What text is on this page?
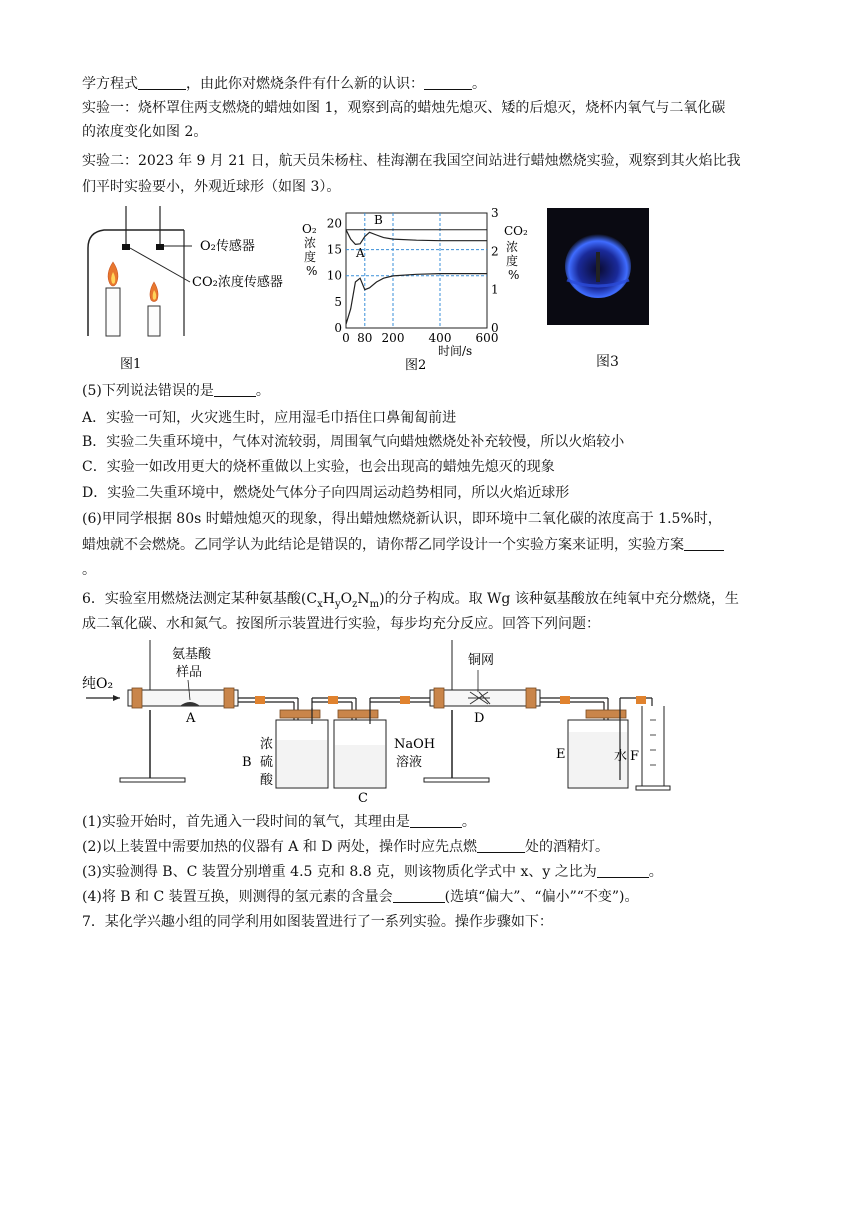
学方程式	，由此你对燃烧条件有什么新的认识：	。
实验一：烧杯罩住两支燃烧的蜡烛如图 1，观察到高的蜡烛先熄灭、矮的后熄灭，烧杯内氧气与二氧化碳
的浓度变化如图 2。
实验二：2023 年 9 月 21 日，航天员朱杨柱、桂海潮在我国空间站进行蜡烛燃烧实验，观察到其火焰比我
们平时实验要小，外观近球形（如图 3）。
O₂传感器
CO₂浓度传感器
图1
0
5
10
15
20
0
1
2
3
0 80 200 400 600
B
A
O₂
浓
度
%
CO₂
浓
度
%
时间/s
图2	图3
(5)下列说法错误的是	。
A．实验一可知，火灾逃生时，应用湿毛巾捂住口鼻匍匐前进
B．实验二失重环境中，气体对流较弱，周围氧气向蜡烛燃烧处补充较慢，所以火焰较小
C．实验一如改用更大的烧杯重做以上实验，也会出现高的蜡烛先熄灭的现象
D．实验二失重环境中，燃烧处气体分子向四周运动趋势相同，所以火焰近球形
(6)甲同学根据 80s 时蜡烛熄灭的现象，得出蜡烛燃烧新认识，即环境中二氧化碳的浓度高于 1.5%时，
蜡烛就不会燃烧。乙同学认为此结论是错误的，请你帮乙同学设计一个实验方案来证明，实验方案
。
6．实验室用燃烧法测定某种氨基酸$(C_xH_yO_zN_m)$的分子构成。取 Wg 该种氨基酸放在纯氧中充分燃烧，生
成二氧化碳、水和氮气。按图所示装置进行实验，每步均充分反应。回答下列问题：
纯O₂
氨基酸
样品
A
浓
硫
酸
B
NaOH
溶液
C
铜网
D
E	水 F
(1)实验开始时，首先通入一段时间的氧气，其理由是	。
(2)以上装置中需要加热的仪器有 A 和 D 两处，操作时应先点燃	处的酒精灯。
(3)实验测得 B、C 装置分别增重 4.5 克和 8.8 克，则该物质化学式中 x、y 之比为	。
(4)将 B 和 C 装置互换，则测得的氢元素的含量会	(选填“偏大”、“偏小”“不变”)。
7．某化学兴趣小组的同学利用如图装置进行了一系列实验。操作步骤如下：
